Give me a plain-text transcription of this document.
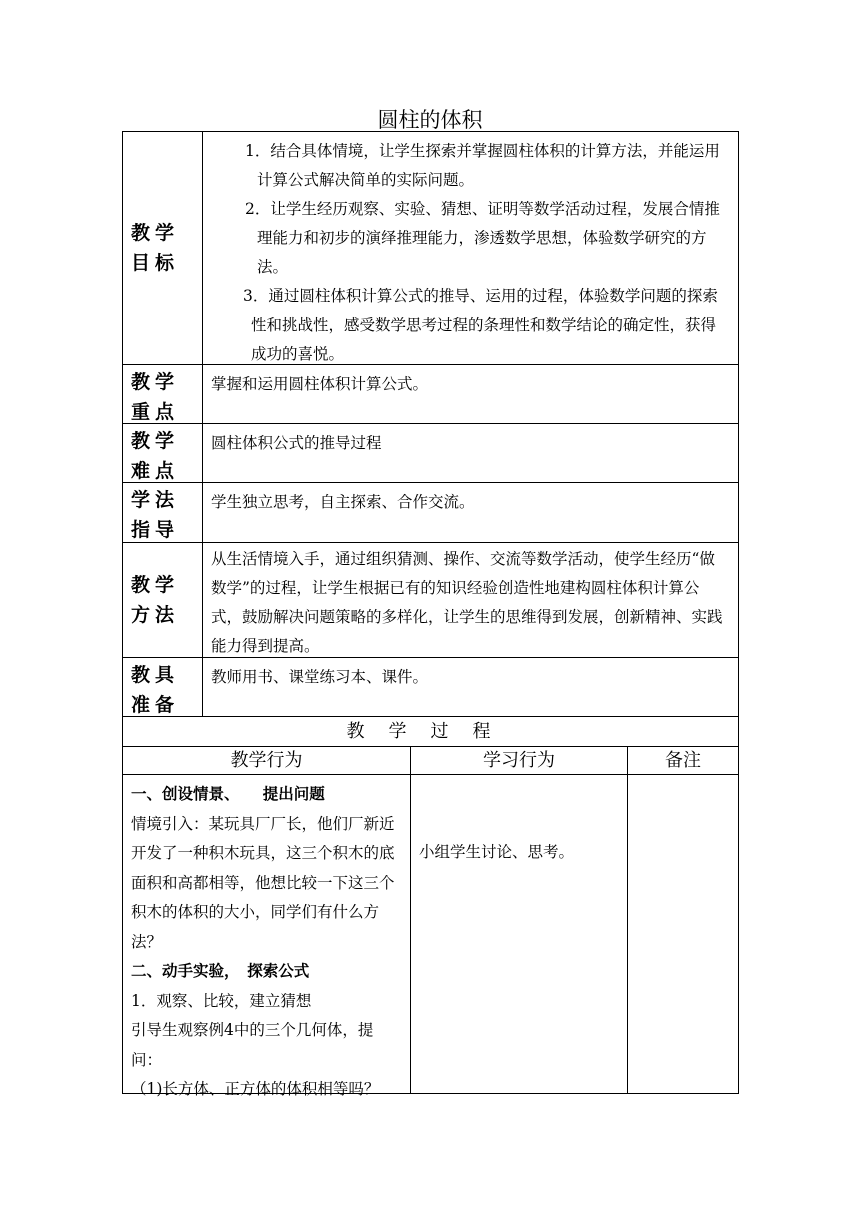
圆柱的体积
教学目标

1．结合具体情境，让学生探索并掌握圆柱体积的计算方法，并能运用计算公式解决简单的实际问题。

2．让学生经历观察、实验、猜想、证明等数学活动过程，发展合情推理能力和初步的演绎推理能力，渗透数学思想，体验数学研究的方法。

3．通过圆柱体积计算公式的推导、运用的过程，体验数学问题的探索性和挑战性，感受数学思考过程的条理性和数学结论的确定性，获得成功的喜悦。

教学重点
掌握和运用圆柱体积计算公式。
教学难点
圆柱体积公式的推导过程
学法指导
学生独立思考，自主探索、合作交流。
教学方法
从生活情境入手，通过组织猜测、操作、交流等数学活动，使学生经历“做数学”的过程，让学生根据已有的知识经验创造性地建构圆柱体积计算公式，鼓励解决问题策略的多样化，让学生的思维得到发展，创新精神、实践能力得到提高。
教具准备
教师用书、课堂练习本、课件。
教学过程
教学行为	学习行为	备注

一、创设情景、　　提出问题

情境引入：某玩具厂厂长，他们厂新近开发了一种积木玩具，这三个积木的底面积和高都相等，他想比较一下这三个积木的体积的大小，同学们有什么方法？

二、动手实验，　探索公式

1．观察、比较，建立猜想

引导生观察例4中的三个几何体，提问：

（1)长方体、正方体的体积相等吗？

小组学生讨论、思考。
